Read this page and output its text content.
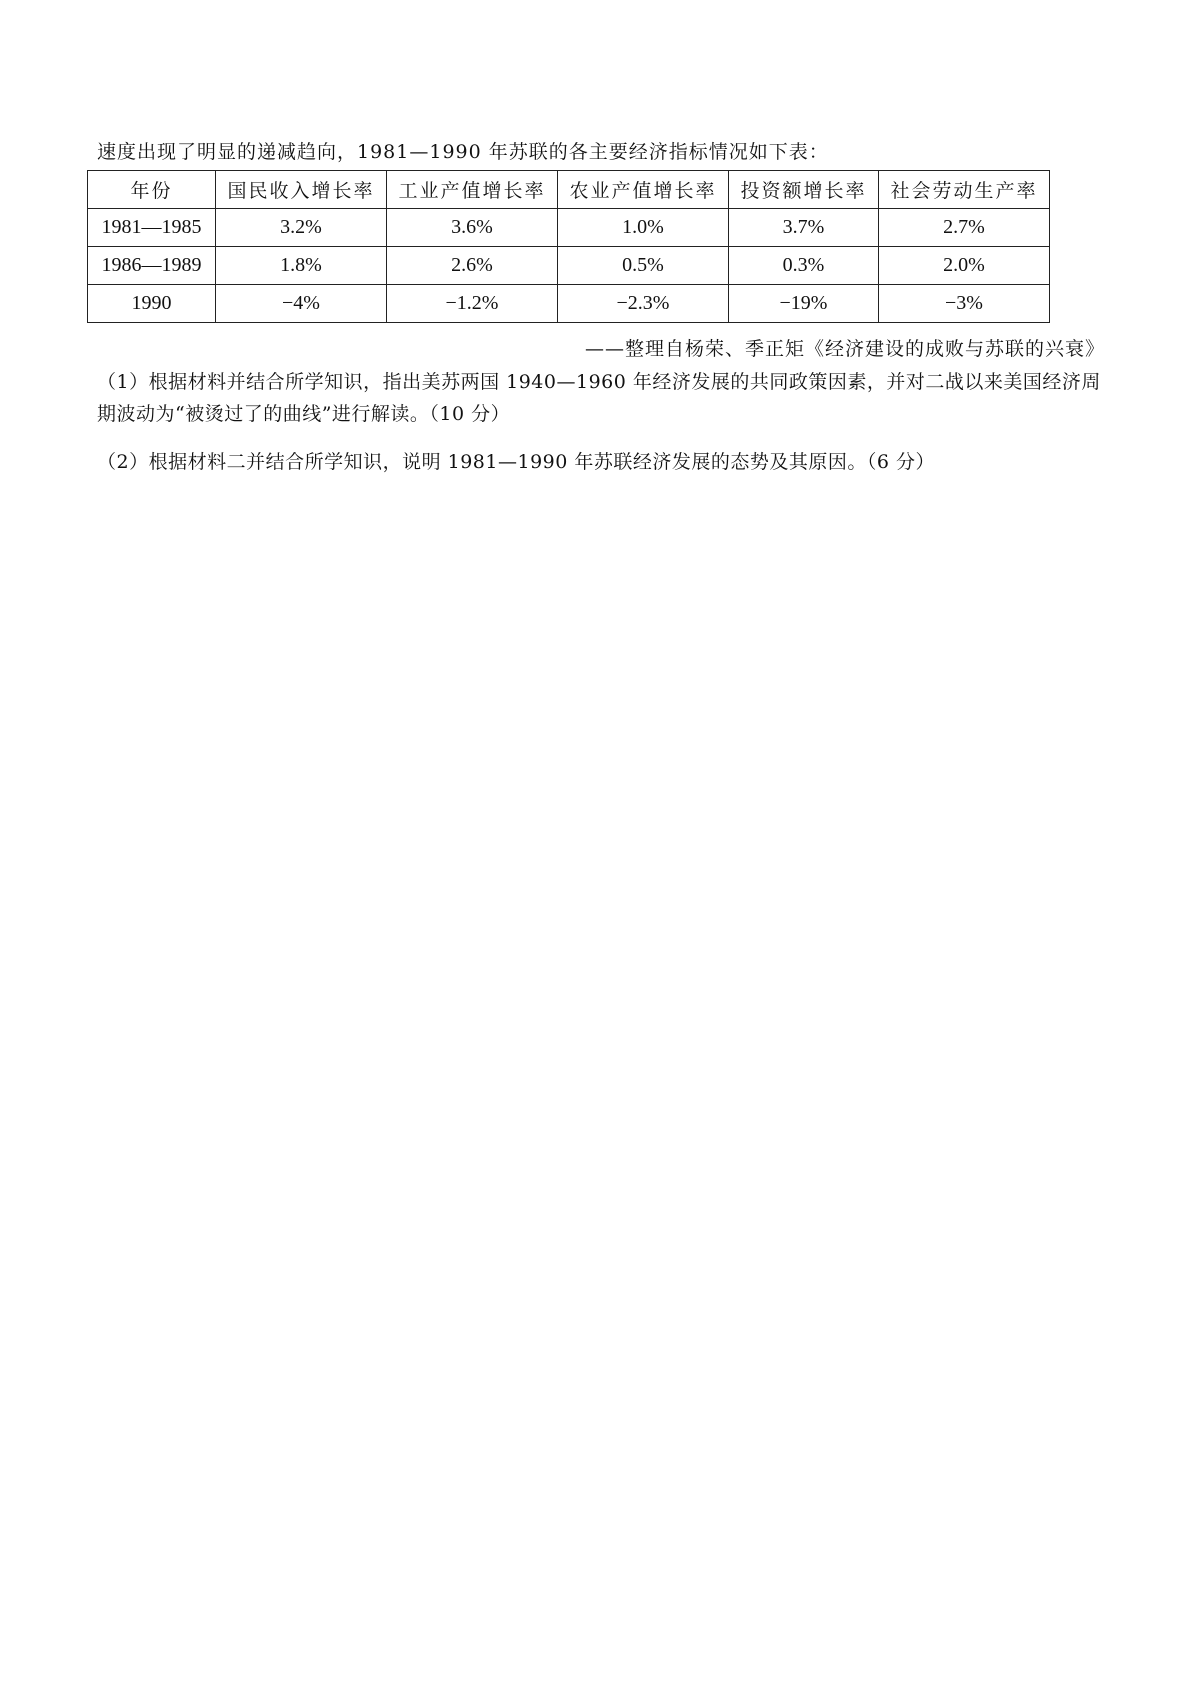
速度出现了明显的递减趋向，1981—1990 年苏联的各主要经济指标情况如下表：
年份	国民收入增长率	工业产值增长率	农业产值增长率	投资额增长率	社会劳动生产率
1981—1985	3.2%	3.6%	1.0%	3.7%	2.7%
1986—1989	1.8%	2.6%	0.5%	0.3%	2.0%
1990	−4%	−1.2%	−2.3%	−19%	−3%
——整理自杨荣、季正矩《经济建设的成败与苏联的兴衰》
（1）根据材料并结合所学知识，指出美苏两国 1940—1960 年经济发展的共同政策因素，并对二战以来美国经济周期波动为“被烫过了的曲线”进行解读。（10 分）
（2）根据材料二并结合所学知识，说明 1981—1990 年苏联经济发展的态势及其原因。（6 分）
